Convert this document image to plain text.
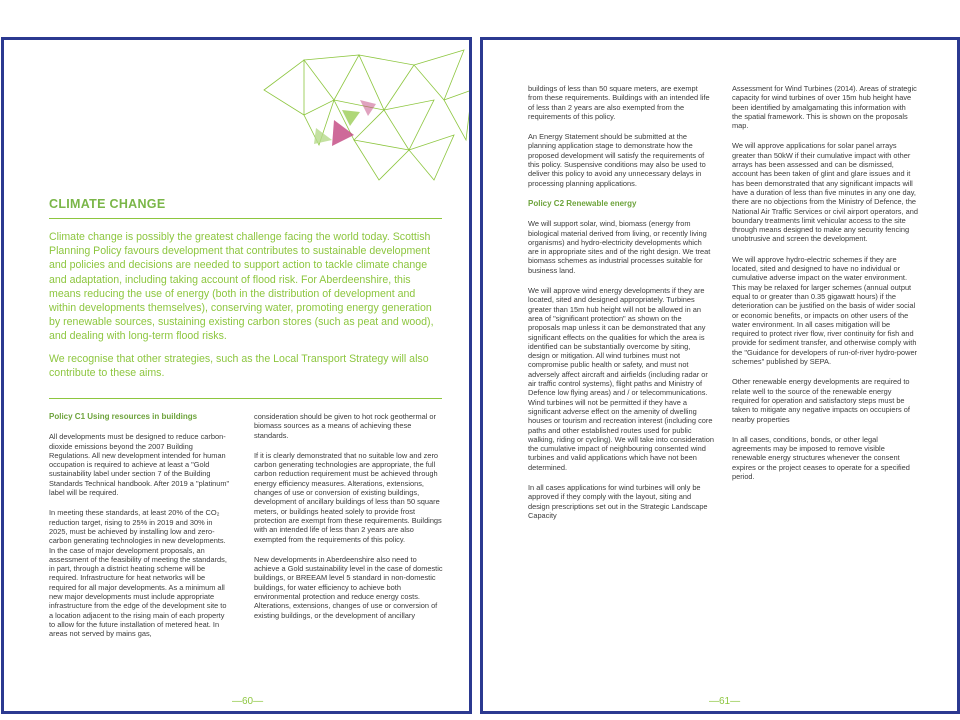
CLIMATE CHANGE

Climate change is possibly the greatest challenge facing the world today. Scottish Planning Policy favours development that contributes to sustainable development and policies and decisions are needed to support action to tackle climate change and adaptation, including taking account of flood risk. For Aberdeenshire, this means reducing the use of energy (both in the distribution of development and within developments themselves), conserving water, promoting energy generation by renewable sources, sustaining existing carbon stores (such as peat and wood), and dealing with long-term flood risks.

We recognise that other strategies, such as the Local Transport Strategy will also contribute to these aims.

Policy C1 Using resources in buildings

All developments must be designed to reduce carbon-dioxide emissions beyond the 2007 Building Regulations. All new development intended for human occupation is required to achieve at least a "Gold sustainability label under section 7 of the Building Standards Technical handbook. After 2019 a "platinum" label will be required.

In meeting these standards, at least 20% of the CO₂ reduction target, rising to 25% in 2019 and 30% in 2025, must be achieved by installing low and zero-carbon generating technologies in new developments. In the case of major development proposals, an assessment of the feasibility of meeting the standards, in part, through a district heating scheme will be required. Infrastructure for heat networks will be required for all major developments. As a minimum all new major developments must include appropriate infrastructure from the edge of the development site to a location adjacent to the rising main of each property to allow for the future installation of metered heat. In areas not served by mains gas,

consideration should be given to hot rock geothermal or biomass sources as a means of achieving these standards.

If it is clearly demonstrated that no suitable low and zero carbon generating technologies are appropriate, the full carbon reduction requirement must be achieved through energy efficiency measures. Alterations, extensions, changes of use or conversion of existing buildings, development of ancillary buildings of less than 50 square meters, or buildings heated solely to provide frost protection are exempt from these requirements. Buildings with an intended life of less than 2 years are also exempted from the requirements of this policy.

New developments in Aberdeenshire also need to achieve a Gold sustainability level in the case of domestic buildings, or BREEAM level 5 standard in non-domestic buildings, for water efficiency to achieve both environmental protection and reduce energy costs. Alterations, extensions, changes of use or conversion of existing buildings, or the development of ancillary

—60—

buildings of less than 50 square meters, are exempt from these requirements. Buildings with an intended life of less than 2 years are also exempted from the requirements of this policy.

An Energy Statement should be submitted at the planning application stage to demonstrate how the proposed development will satisfy the requirements of this policy. Suspensive conditions may also be used to deliver this policy to avoid any unnecessary delays in processing planning applications.

Policy C2 Renewable energy

We will support solar, wind, biomass (energy from biological material derived from living, or recently living organisms) and hydro-electricity developments which are in appropriate sites and of the right design. We treat biomass schemes as industrial processes suitable for business land.

We will approve wind energy developments if they are located, sited and designed appropriately. Turbines greater than 15m hub height will not be allowed in an area of "significant protection" as shown on the proposals map unless it can be demonstrated that any significant effects on the qualities for which the area is identified can be substantially overcome by siting, design or mitigation. All wind turbines must not compromise public health or safety, and must not adversely affect aircraft and airfields (including radar or air traffic control systems), flight paths and Ministry of Defence low flying areas) and / or telecommunications. Wind turbines will not be permitted if they have a significant adverse effect on the amenity of dwelling houses or tourism and recreation interest (including core paths and other established routes used for public walking, riding or cycling). We will take into consideration the cumulative impact of neighbouring consented wind turbines and valid applications which have not been determined.

In all cases applications for wind turbines will only be approved if they comply with the layout, siting and design prescriptions set out in the Strategic Landscape Capacity

Assessment for Wind Turbines (2014). Areas of strategic capacity for wind turbines of over 15m hub height have been identified by amalgamating this information with the spatial framework. This is shown on the proposals map.

We will approve applications for solar panel arrays greater than 50kW if their cumulative impact with other arrays has been assessed and can be dismissed, account has been taken of glint and glare issues and it has been demonstrated that any significant impacts will have a duration of less than five minutes in any one day, there are no objections from the Ministry of Defence, the National Air Traffic Services or civil airport operators, and boundary treatments limit vehicular access to the site through means designed to make any security fencing unobtrusive and screen the development.

We will approve hydro-electric schemes if they are located, sited and designed to have no individual or cumulative adverse impact on the water environment. This may be relaxed for larger schemes (annual output equal to or greater than 0.35 gigawatt hours) if the deterioration can be justified on the basis of wider social or economic benefits, or impacts on other users of the water environment. In all cases mitigation will be required to protect river flow, river continuity for fish and provide for sediment transfer, and otherwise comply with the "Guidance for developers of run-of-river hydro-power schemes" published by SEPA.

Other renewable energy developments are required to relate well to the source of the renewable energy required for operation and satisfactory steps must be taken to mitigate any negative impacts on occupiers of nearby properties

In all cases, conditions, bonds, or other legal agreements may be imposed to remove visible renewable energy structures whenever the consent expires or the project ceases to operate for a specified period.

—61—
